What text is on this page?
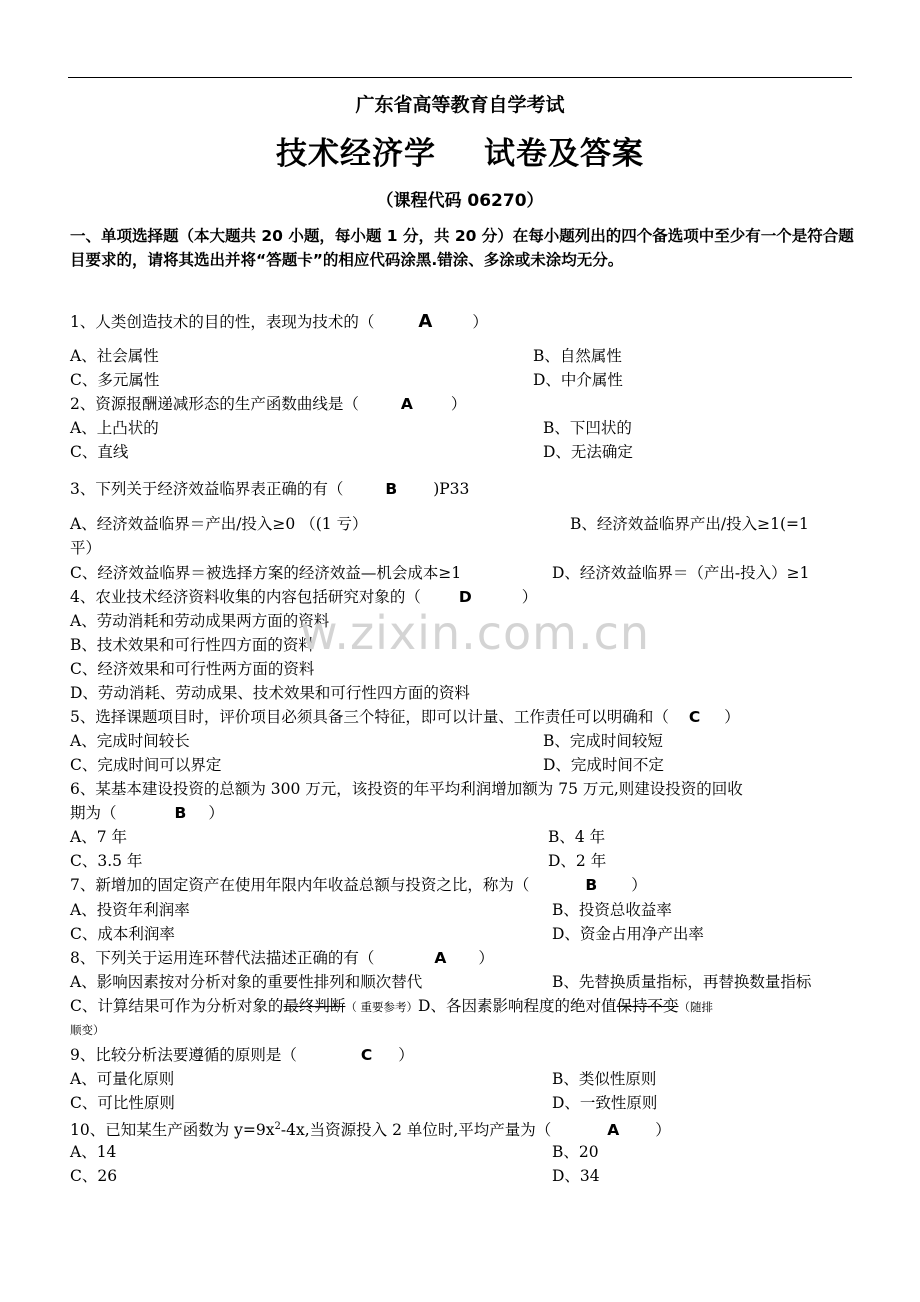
广东省高等教育自学考试
技术经济学 试卷及答案
（课程代码 06270）
一、单项选择题（本大题共 20 小题，每小题 1 分，共 20 分）在每小题列出的四个备选项中至少有一个是符合题目要求的，请将其选出并将“答题卡”的相应代码涂黑.错涂、多涂或未涂均无分。
1、人类创造技术的目的性，表现为技术的（ A	）
A、社会属性	B、自然属性
C、多元属性	D、中介属性
2、资源报酬递减形态的生产函数曲线是（	A ）
A、上凸状的	B、下凹状的
C、直线	D、无法确定
3、下列关于经济效益临界表正确的有（	B )P33
A、经济效益临界＝产出/投入≥0 （(1 亏）	B、经济效益临界产出/投入≥1(=1
平）
C、经济效益临界＝被选择方案的经济效益—机会成本≥1	D、经济效益临界＝（产出-投入）≥1
4、农业技术经济资料收集的内容包括研究对象的（ D	）
A、劳动消耗和劳动成果两方面的资料
B、技术效果和可行性四方面的资料
C、经济效果和可行性两方面的资料
D、劳动消耗、劳动成果、技术效果和可行性四方面的资料
5、选择课题项目时，评价项目必须具备三个特征，即可以计量、工作责任可以明确和（ C ）
A、完成时间较长	B、完成时间较短
C、完成时间可以界定	D、完成时间不定
6、某基本建设投资的总额为 300 万元，该投资的年平均利润增加额为 75 万元,则建设投资的回收
期为（	B ）
A、7 年	B、4 年
C、3.5 年	D、2 年
7、新增加的固定资产在使用年限内年收益总额与投资之比，称为（	B ）
A、投资年利润率	B、投资总收益率
C、成本利润率	D、资金占用净产出率
8、下列关于运用连环替代法描述正确的有（	A ）
A、影响因素按对分析对象的重要性排列和顺次替代	B、先替换质量指标，再替换数量指标
C、计算结果可作为分析对象的最终判断（ 重要参考）D、各因素影响程度的绝对值保持不变（随排
顺变）
9、比较分析法要遵循的原则是（	C ）
A、可量化原则	B、类似性原则
C、可比性原则	D、一致性原则
10、已知某生产函数为 $y=9x^2-4x$,当资源投入 2 单位时,平均产量为（	A ）
A、14	B、20
C、26	D、34
w.zixin.com.cn
